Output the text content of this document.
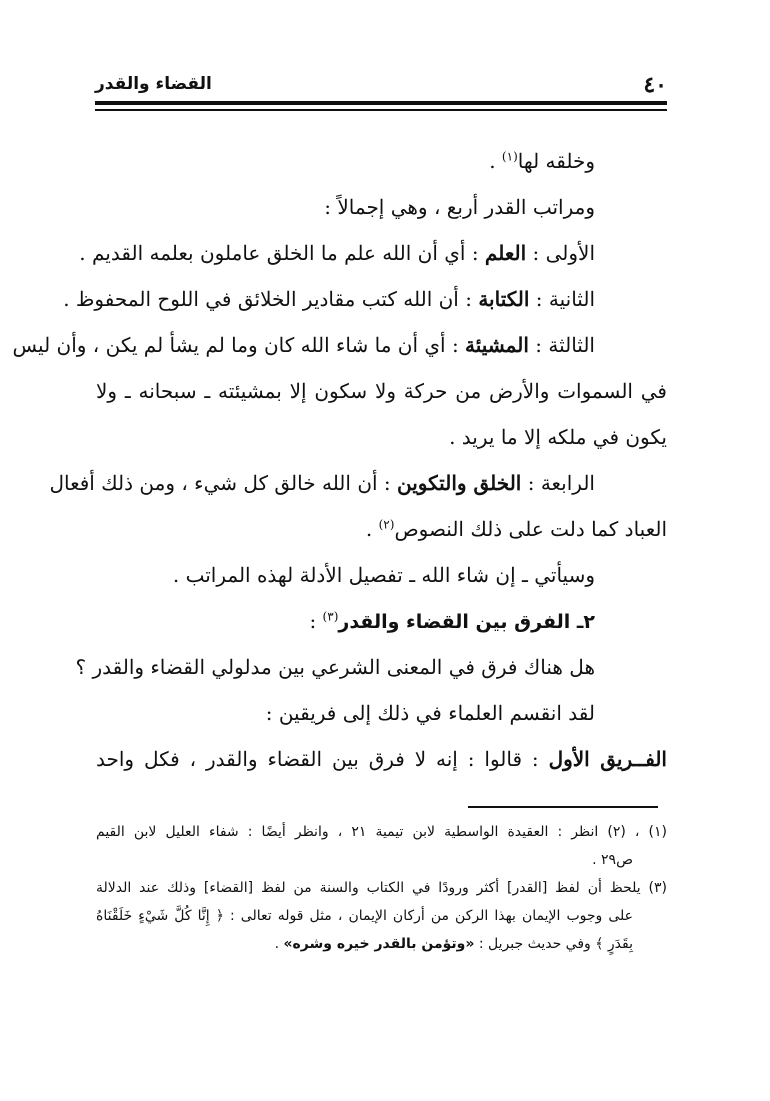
٤٠
القضاء والقدر
وخلقه لها$^{(١)}$ .
ومراتب القدر أربع ، وهي إجمالاً :
الأولى : العلم : أي أن الله علم ما الخلق عاملون بعلمه القديم .
الثانية : الكتابة : أن الله كتب مقادير الخلائق في اللوح المحفوظ .
الثالثة : المشيئة : أي أن ما شاء الله كان وما لم يشأ لم يكن ، وأن ليس
في السموات والأرض من حركة ولا سكون إلا بمشيئته ـ سبحانه ـ ولا
يكون في ملكه إلا ما يريد .
الرابعة : الخلق والتكوين : أن الله خالق كل شيء ، ومن ذلك أفعال
العباد كما دلت على ذلك النصوص$^{(٢)}$ .
وسيأتي ـ إن شاء الله ـ تفصيل الأدلة لهذه المراتب .
٢ـ الفرق بين القضاء والقدر$^{(٣)}$ :
هل هناك فرق في المعنى الشرعي بين مدلولي القضاء والقدر ؟
لقد انقسم العلماء في ذلك إلى فريقين :
الفــريق الأول : قالوا : إنه لا فرق بين القضاء والقدر ، فكل واحد
(١) ، (٢) انظر : العقيدة الواسطية لابن تيمية ٢١ ، وانظر أيضًا : شفاء العليل لابن القيم
ص٢٩ .
(٣) يلحظ أن لفظ [القدر] أكثر ورودًا في الكتاب والسنة من لفظ [القضاء] وذلك عند الدلالة
على وجوب الإيمان بهذا الركن من أركان الإيمان ، مثل قوله تعالى : ﴿ إِنَّا كُلَّ شَيْءٍ خَلَقْنَاهُ
بِقَدَرٍ ﴾ وفي حديث جبريل : «وتؤمن بالقدر خيره وشره» .
